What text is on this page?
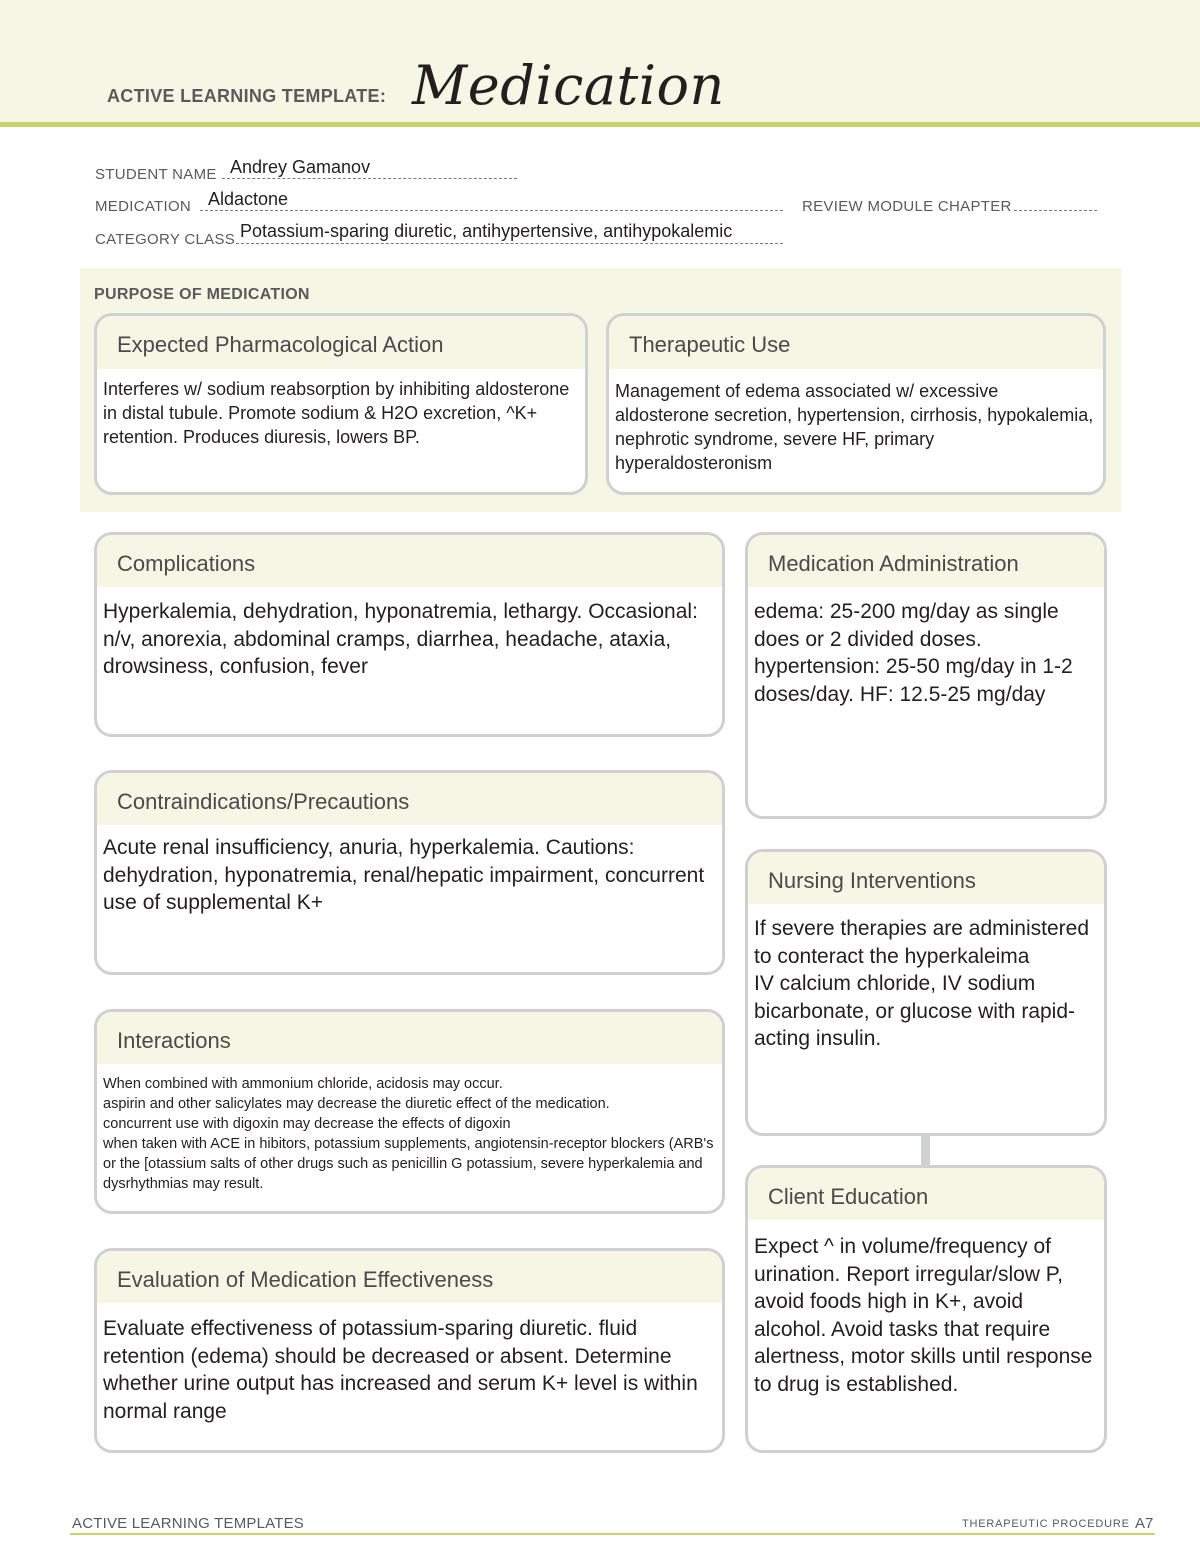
ACTIVE LEARNING TEMPLATE: Medication
STUDENT NAME Andrey Gamanov
MEDICATION Aldactone	REVIEW MODULE CHAPTER
CATEGORY CLASS Potassium-sparing diuretic, antihypertensive, antihypokalemic
PURPOSE OF MEDICATION
Expected Pharmacological Action
Interferes w/ sodium reabsorption by inhibiting aldosterone in distal tubule. Promote sodium & H2O excretion, ^K+ retention. Produces diuresis, lowers BP.
Therapeutic Use
Management of edema associated w/ excessive aldosterone secretion, hypertension, cirrhosis, hypokalemia, nephrotic syndrome, severe HF, primary hyperaldosteronism
Complications
Hyperkalemia, dehydration, hyponatremia, lethargy. Occasional: n/v, anorexia, abdominal cramps, diarrhea, headache, ataxia, drowsiness, confusion, fever
Contraindications/Precautions
Acute renal insufficiency, anuria, hyperkalemia. Cautions: dehydration, hyponatremia, renal/hepatic impairment, concurrent use of supplemental K+
Interactions
When combined with ammonium chloride, acidosis may occur.
aspirin and other salicylates may decrease the diuretic effect of the medication.
concurrent use with digoxin may decrease the effects of digoxin
when taken with ACE in hibitors, potassium supplements, angiotensin-receptor blockers (ARB's or the [otassium salts of other drugs such as penicillin G potassium, severe hyperkalemia and dysrhythmias may result.
Evaluation of Medication Effectiveness
Evaluate effectiveness of potassium-sparing diuretic. fluid retention (edema) should be decreased or absent. Determine whether urine output has increased and serum K+ level is within normal range
Medication Administration
edema: 25-200 mg/day as single does or 2 divided doses. hypertension: 25-50 mg/day in 1-2 doses/day. HF: 12.5-25 mg/day
Nursing Interventions
If severe therapies are administered to conteract the hyperkaleima
IV calcium chloride, IV sodium bicarbonate, or glucose with rapid-acting insulin.
Client Education
Expect ^ in volume/frequency of urination. Report irregular/slow P, avoid foods high in K+, avoid alcohol. Avoid tasks that require alertness, motor skills until response to drug is established.
ACTIVE LEARNING TEMPLATES	THERAPEUTIC PROCEDURE A7
